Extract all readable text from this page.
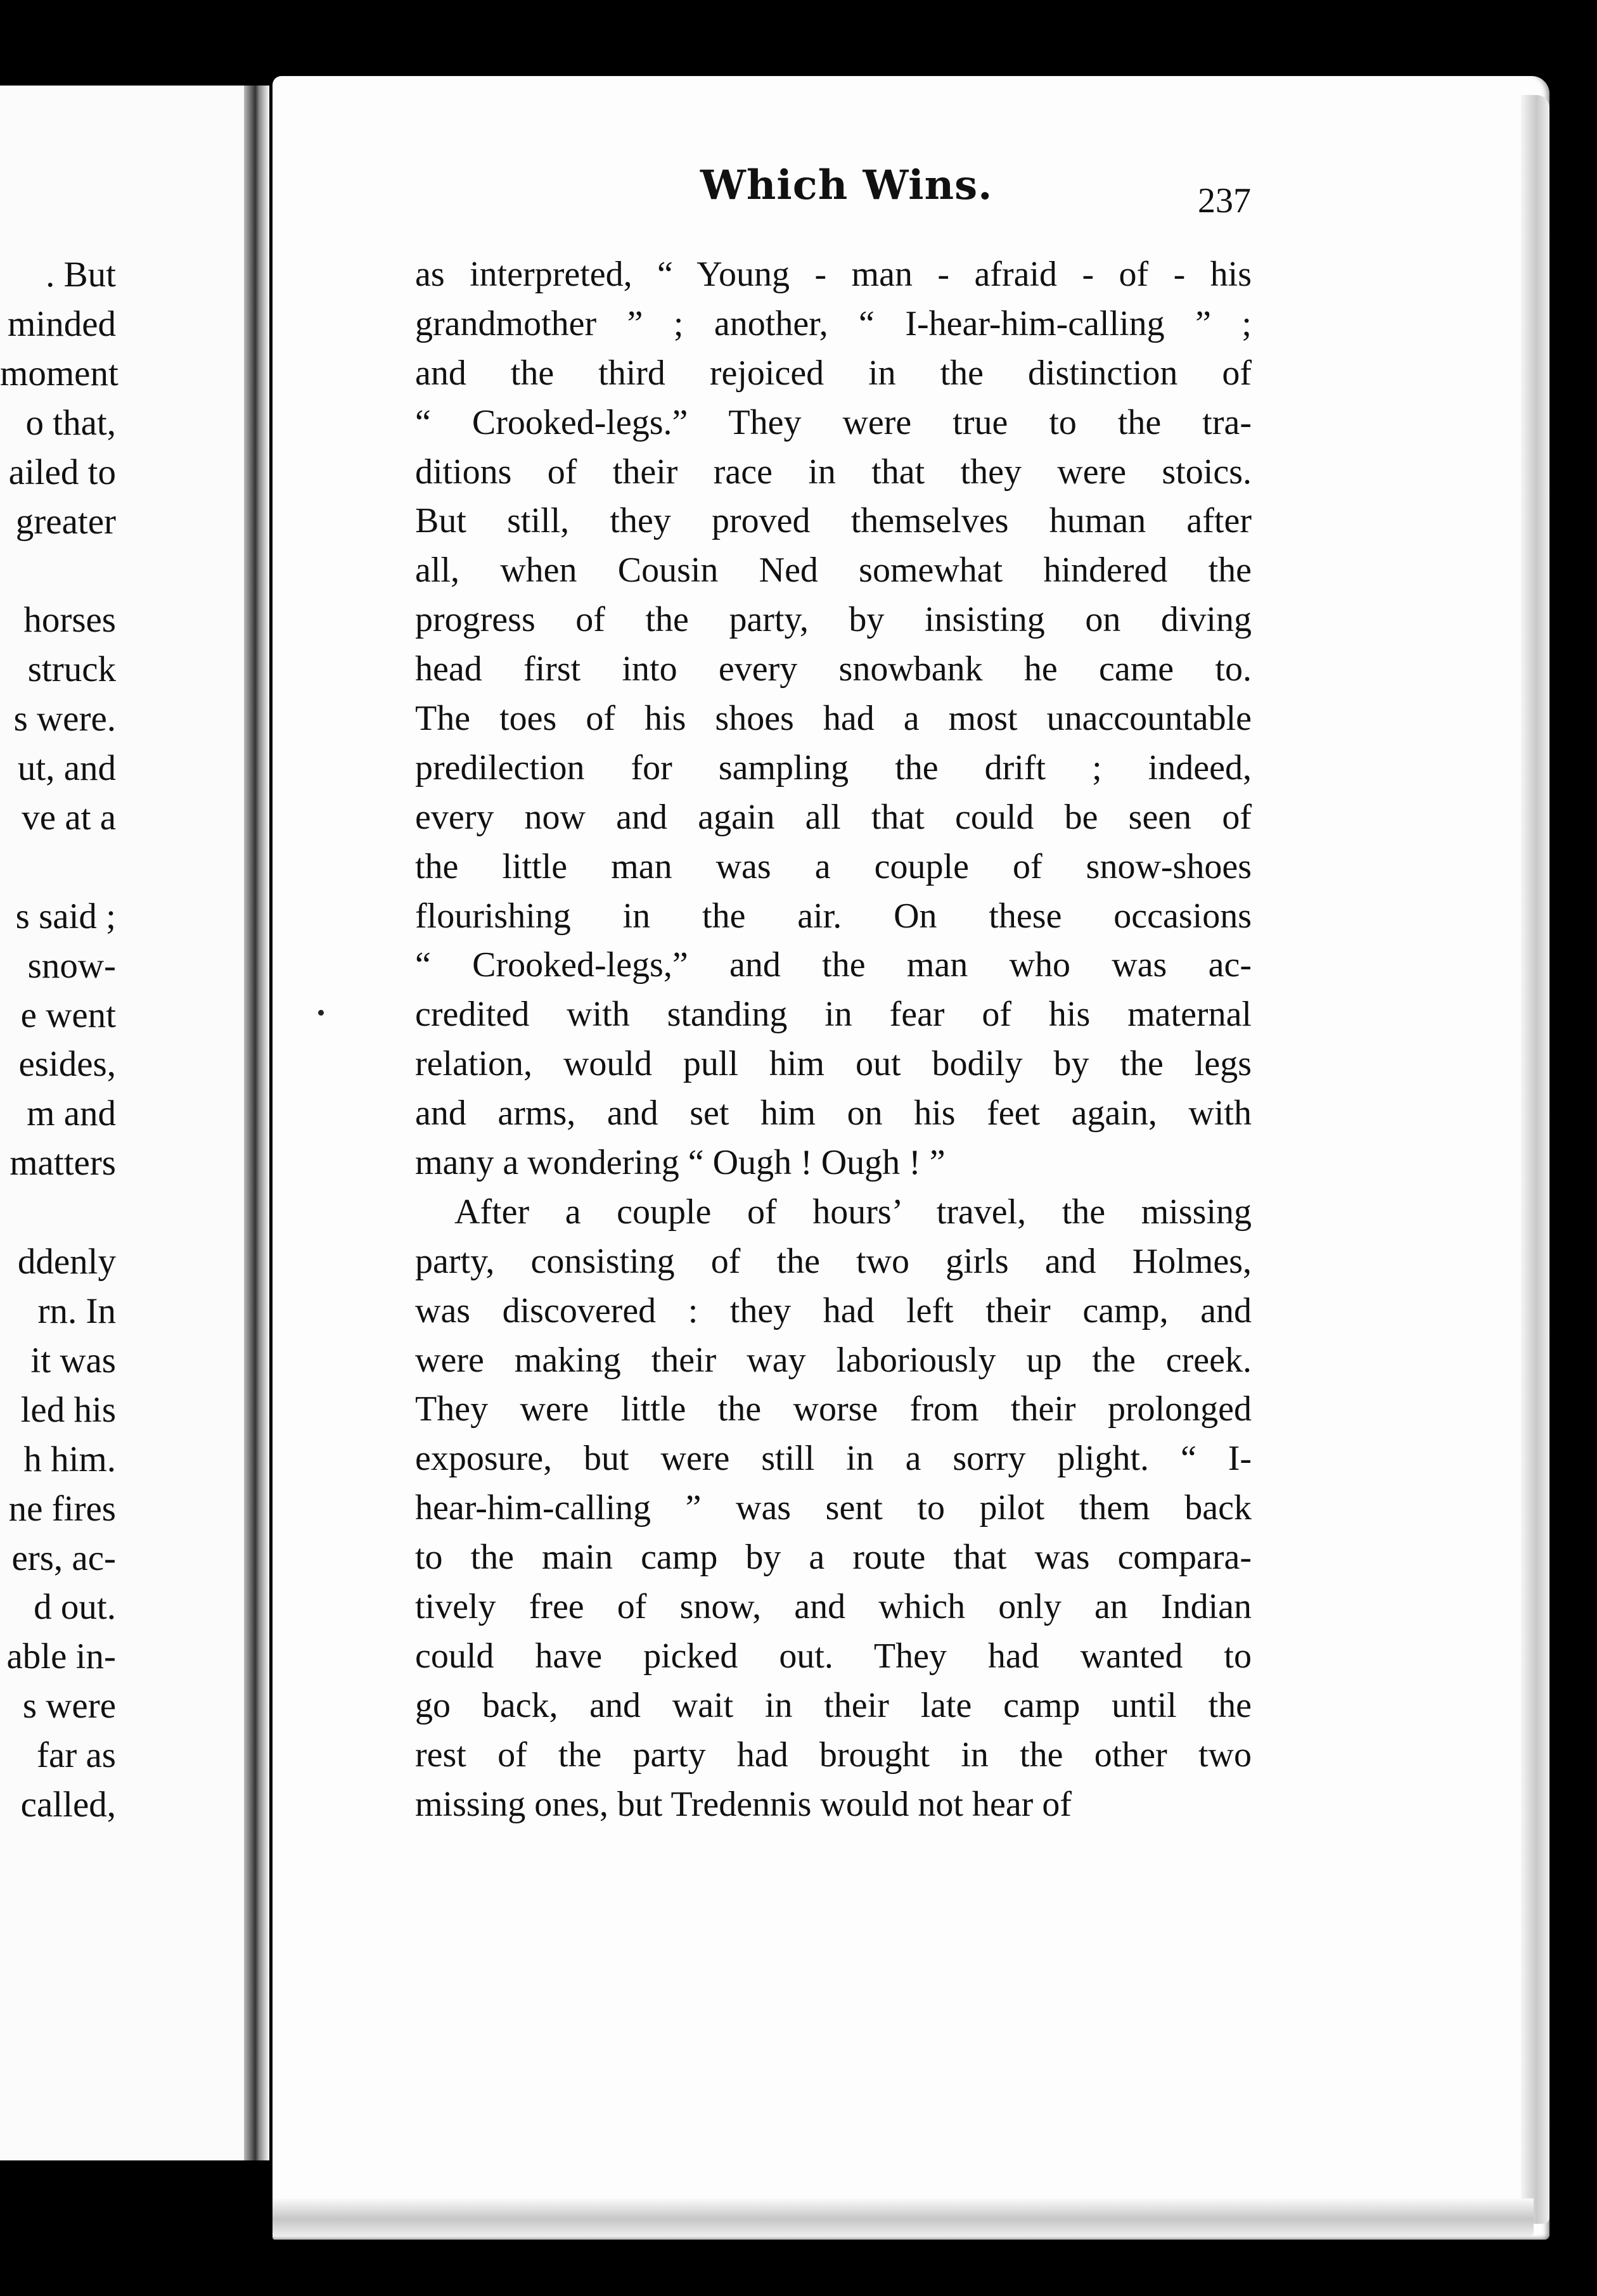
. But
minded
moment
o that,
ailed to
greater
horses
struck
s were.
ut, and
ve at a
s said ;
snow-
e went
esides,
m and
matters
ddenly
rn. In
it was
led his
h him.
ne fires
ers, ac-
d out.
able in-
s were
far as
called,
Which Wins.	237
as interpreted, “ Young - man - afraid - of - his
grandmother ” ; another, “ I-hear-him-calling ” ;
and the third rejoiced in the distinction of
“ Crooked-legs.” They were true to the tra-
ditions of their race in that they were stoics.
But still, they proved themselves human after
all, when Cousin Ned somewhat hindered the
progress of the party, by insisting on diving
head first into every snowbank he came to.
The toes of his shoes had a most unaccountable
predilection for sampling the drift ; indeed,
every now and again all that could be seen of
the little man was a couple of snow-shoes
flourishing in the air. On these occasions
“ Crooked-legs,” and the man who was ac-
credited with standing in fear of his maternal
relation, would pull him out bodily by the legs
and arms, and set him on his feet again, with
many a wondering “ Ough ! Ough ! ”
After a couple of hours’ travel, the missing
party, consisting of the two girls and Holmes,
was discovered : they had left their camp, and
were making their way laboriously up the creek.
They were little the worse from their prolonged
exposure, but were still in a sorry plight. “ I-
hear-him-calling ” was sent to pilot them back
to the main camp by a route that was compara-
tively free of snow, and which only an Indian
could have picked out. They had wanted to
go back, and wait in their late camp until the
rest of the party had brought in the other two
missing ones, but Tredennis would not hear of
